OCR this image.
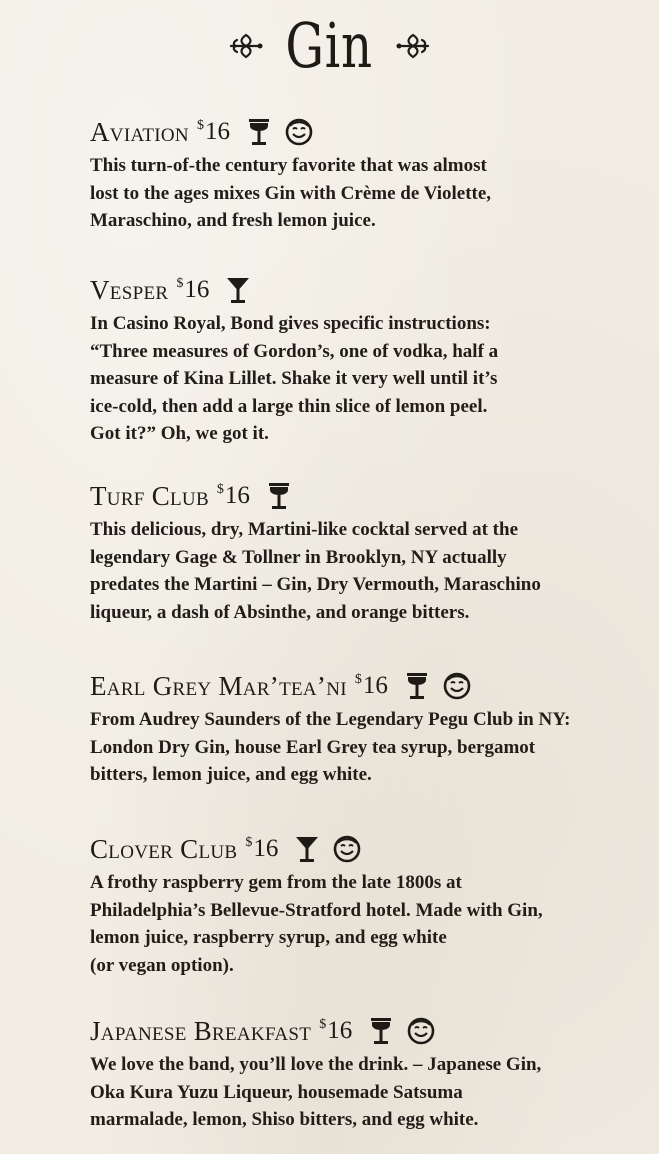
Gin
Aviation $16
This turn-of-the century favorite that was almost
lost to the ages mixes Gin with Crème de Violette,
Maraschino, and fresh lemon juice.
Vesper $16
In Casino Royal, Bond gives specific instructions:
“Three measures of Gordon’s, one of vodka, half a
measure of Kina Lillet. Shake it very well until it’s
ice-cold, then add a large thin slice of lemon peel.
Got it?” Oh, we got it.
Turf Club $16
This delicious, dry, Martini-like cocktal served at the
legendary Gage & Tollner in Brooklyn, NY actually
predates the Martini – Gin, Dry Vermouth, Maraschino
liqueur, a dash of Absinthe, and orange bitters.
Earl Grey Mar’tea’ni $16
From Audrey Saunders of the Legendary Pegu Club in NY:
London Dry Gin, house Earl Grey tea syrup, bergamot
bitters, lemon juice, and egg white.
Clover Club $16
A frothy raspberry gem from the late 1800s at
Philadelphia’s Bellevue-Stratford hotel. Made with Gin,
lemon juice, raspberry syrup, and egg white
(or vegan option).
Japanese Breakfast $16
We love the band, you’ll love the drink. – Japanese Gin,
Oka Kura Yuzu Liqueur, housemade Satsuma
marmalade, lemon, Shiso bitters, and egg white.
